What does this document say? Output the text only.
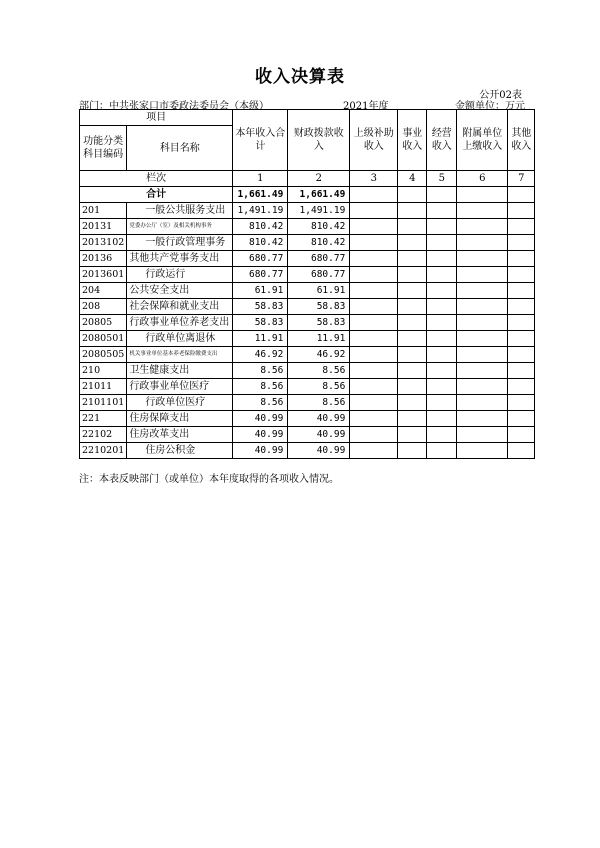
收入决算表
公开02表
部门：中共张家口市委政法委员会（本级）	2021年度	金额单位：万元
项目		本年收入合计	财政拨款收入	上级补助收入	事业收入	经营收入	附属单位上缴收入	其他收入
功能分类科目编码	科目名称							

栏次		1	2	3	4	5	6	7
合计		1,661.49	1,661.49					
201	一般公共服务支出	1,491.19	1,491.19					
20131	党委办公厅（室）及相关机构事务	810.42	810.42					
2013102	一般行政管理事务	810.42	810.42					
20136	其他共产党事务支出	680.77	680.77					
2013601	行政运行	680.77	680.77					
204	公共安全支出	61.91	61.91					
208	社会保障和就业支出	58.83	58.83					
20805	行政事业单位养老支出	58.83	58.83					
2080501	行政单位离退休	11.91	11.91					
2080505	机关事业单位基本养老保险缴费支出	46.92	46.92					
210	卫生健康支出	8.56	8.56					
21011	行政事业单位医疗	8.56	8.56					
2101101	行政单位医疗	8.56	8.56					
221	住房保障支出	40.99	40.99					
22102	住房改革支出	40.99	40.99					
2210201	住房公积金	40.99	40.99					
注：本表反映部门（或单位）本年度取得的各项收入情况。
